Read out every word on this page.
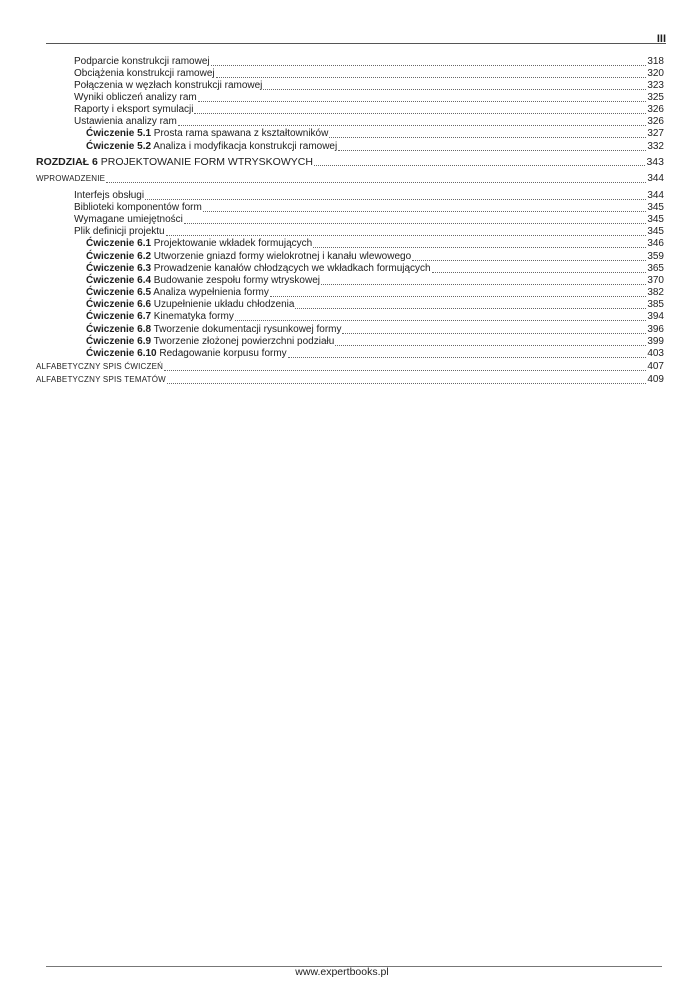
III
Podparcie konstrukcji ramowej	318
Obciążenia konstrukcji ramowej	320
Połączenia w węzłach konstrukcji ramowej	323
Wyniki obliczeń analizy ram	325
Raporty i eksport symulacji	326
Ustawienia analizy ram	326
Ćwiczenie 5.1 Prosta rama spawana z kształtowników	327
Ćwiczenie 5.2 Analiza i modyfikacja konstrukcji ramowej	332
ROZDZIAŁ 6 PROJEKTOWANIE FORM WTRYSKOWYCH	343
WPROWADZENIE	344
Interfejs obsługi	344
Biblioteki komponentów form	345
Wymagane umiejętności	345
Plik definicji projektu	345
Ćwiczenie 6.1 Projektowanie wkładek formujących	346
Ćwiczenie 6.2 Utworzenie gniazd formy wielokrotnej i kanału wlewowego	359
Ćwiczenie 6.3 Prowadzenie kanałów chłodzących we wkładkach formujących	365
Ćwiczenie 6.4 Budowanie zespołu formy wtryskowej	370
Ćwiczenie 6.5 Analiza wypełnienia formy	382
Ćwiczenie 6.6 Uzupełnienie układu chłodzenia	385
Ćwiczenie 6.7 Kinematyka formy	394
Ćwiczenie 6.8 Tworzenie dokumentacji rysunkowej formy	396
Ćwiczenie 6.9 Tworzenie złożonej powierzchni podziału	399
Ćwiczenie 6.10 Redagowanie korpusu formy	403
ALFABETYCZNY SPIS ĆWICZEŃ	407
ALFABETYCZNY SPIS TEMATÓW	409
www.expertbooks.pl
